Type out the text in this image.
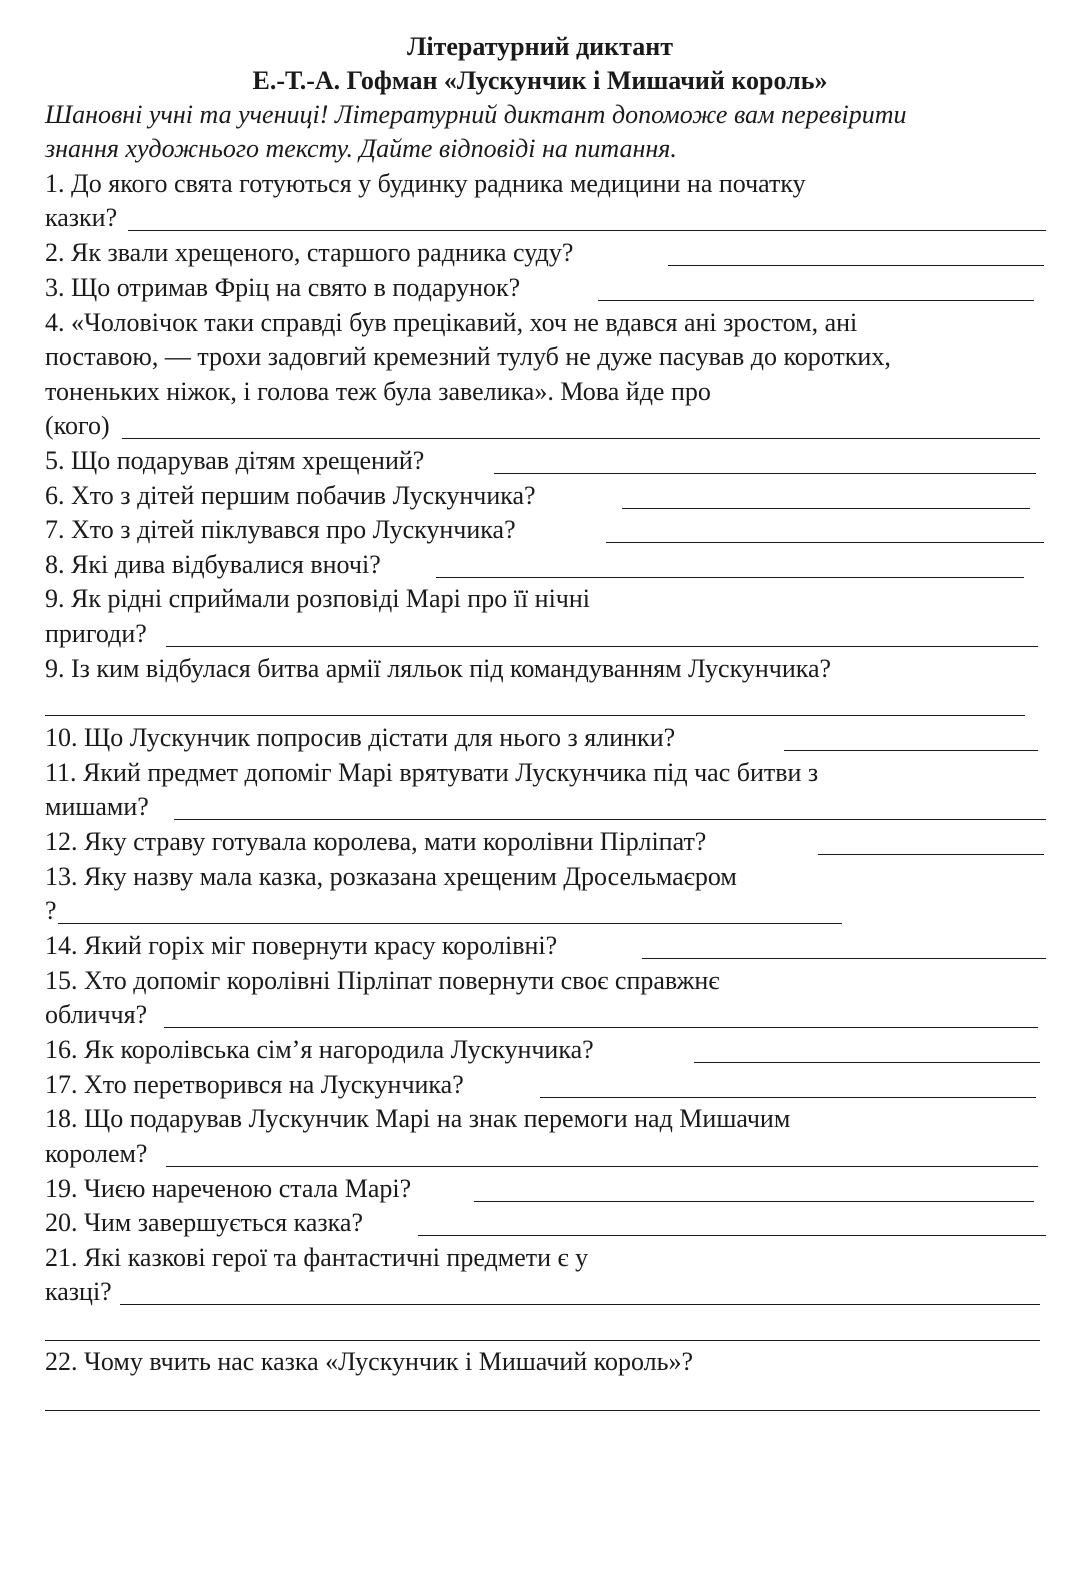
Літературний диктант
Е.-Т.-А. Гофман «Лускунчик і Мишачий король»
Шановні учні та учениці! Літературний диктант допоможе вам перевірити
знання художнього тексту. Дайте відповіді на питання.
1. До якого свята готуються у будинку радника медицини на початку
казки?
2. Як звали хрещеного, старшого радника суду?
3. Що отримав Фріц на свято в подарунок?
4. «Чоловічок таки справді був прецікавий, хоч не вдався ані зростом, ані
поставою, — трохи задовгий кремезний тулуб не дуже пасував до коротких,
тоненьких ніжок, і голова теж була завелика». Мова йде про
(кого)
5. Що подарував дітям хрещений?
6. Хто з дітей першим побачив Лускунчика?
7. Хто з дітей піклувався про Лускунчика?
8. Які дива відбувалися вночі?
9. Як рідні сприймали розповіді Марі про її нічні
пригоди?
9. Із ким відбулася битва армії ляльок під командуванням Лускунчика?
10. Що Лускунчик попросив дістати для нього з ялинки?
11. Який предмет допоміг Марі врятувати Лускунчика під час битви з
мишами?
12. Яку страву готувала королева, мати королівни Пірліпат?
13. Яку назву мала казка, розказана хрещеним Дросельмаєром
?
14. Який горіх міг повернути красу королівні?
15. Хто допоміг королівні Пірліпат повернути своє справжнє
обличчя?
16. Як королівська сім’я нагородила Лускунчика?
17. Хто перетворився на Лускунчика?
18. Що подарував Лускунчик Марі на знак перемоги над Мишачим
королем?
19. Чиєю нареченою стала Марі?
20. Чим завершується казка?
21. Які казкові герої та фантастичні предмети є у
казці?
22. Чому вчить нас казка «Лускунчик і Мишачий король»?
